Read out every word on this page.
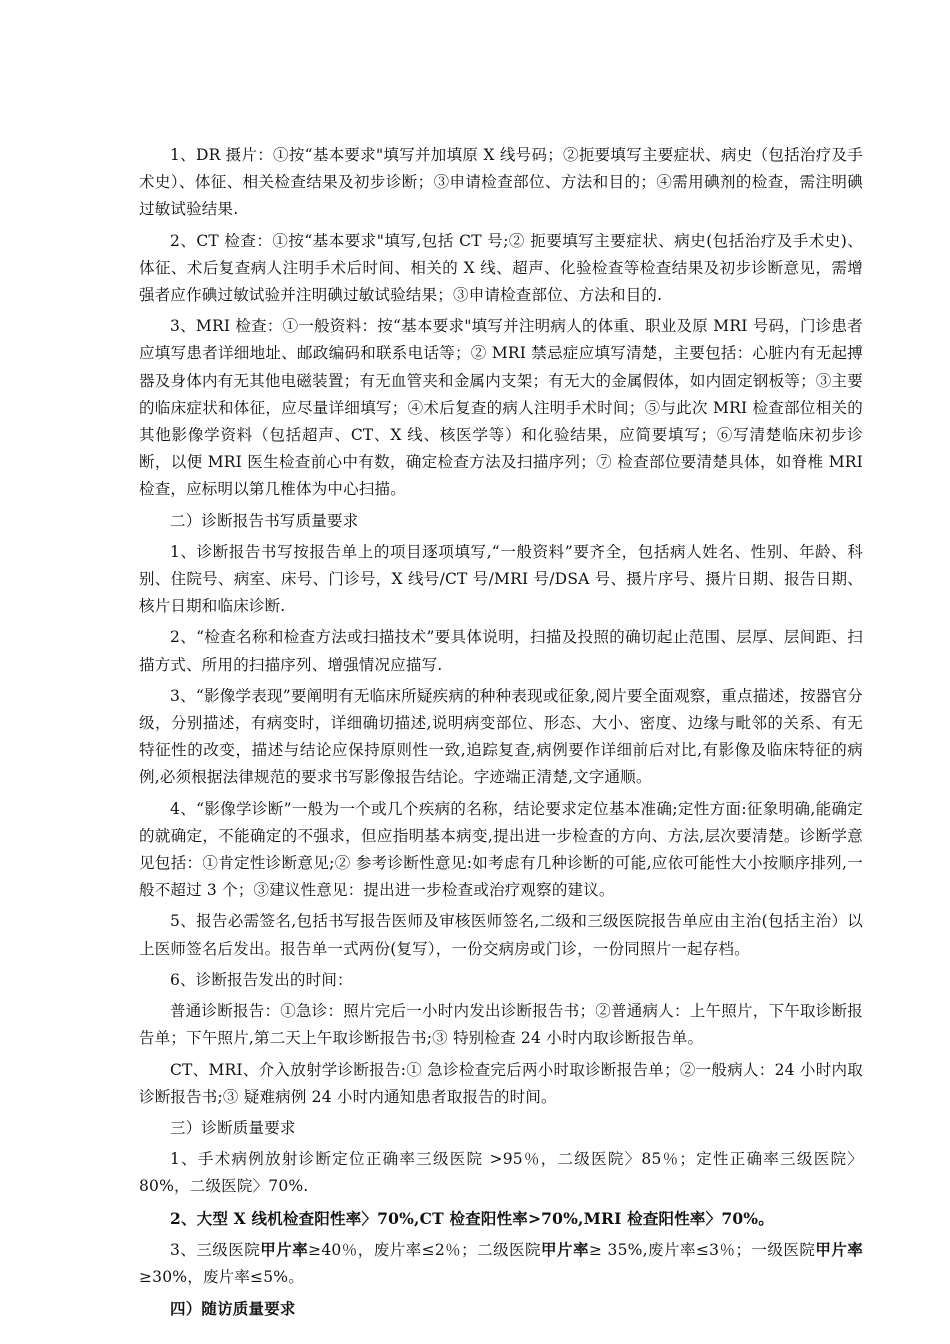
1、DR 摄片：①按“基本要求"填写并加填原 X 线号码；②扼要填写主要症状、病史（包括治疗及手术史）、体征、相关检查结果及初步诊断；③申请检查部位、方法和目的；④需用碘剂的检查，需注明碘过敏试验结果.

2、CT 检查：①按“基本要求"填写,包括 CT 号;② 扼要填写主要症状、病史(包括治疗及手术史)、体征、术后复查病人注明手术后时间、相关的 X 线、超声、化验检查等检查结果及初步诊断意见，需增强者应作碘过敏试验并注明碘过敏试验结果；③申请检查部位、方法和目的.

3、MRI 检查：①一般资料：按“基本要求"填写并注明病人的体重、职业及原 MRI 号码，门诊患者应填写患者详细地址、邮政编码和联系电话等；② MRI 禁忌症应填写清楚，主要包括：心脏内有无起搏器及身体内有无其他电磁装置；有无血管夹和金属内支架；有无大的金属假体，如内固定钢板等；③主要的临床症状和体征，应尽量详细填写；④术后复查的病人注明手术时间；⑤与此次 MRI 检查部位相关的其他影像学资料（包括超声、CT、X 线、核医学等）和化验结果，应简要填写；⑥写清楚临床初步诊断，以便 MRI 医生检查前心中有数，确定检查方法及扫描序列；⑦ 检查部位要清楚具体，如脊椎 MRI 检查，应标明以第几椎体为中心扫描。

二）诊断报告书写质量要求

1、诊断报告书写按报告单上的项目逐项填写,“一般资料”要齐全，包括病人姓名、性别、年龄、科别、住院号、病室、床号、门诊号，X 线号/CT 号/MRI 号/DSA 号、摄片序号、摄片日期、报告日期、核片日期和临床诊断.

2、“检查名称和检查方法或扫描技术”要具体说明，扫描及投照的确切起止范围、层厚、层间距、扫描方式、所用的扫描序列、增强情况应描写.

3、“影像学表现”要阐明有无临床所疑疾病的种种表现或征象,阅片要全面观察，重点描述，按器官分级，分别描述，有病变时，详细确切描述,说明病变部位、形态、大小、密度、边缘与毗邻的关系、有无特征性的改变，描述与结论应保持原则性一致,追踪复查,病例要作详细前后对比,有影像及临床特征的病例,必须根据法律规范的要求书写影像报告结论。字迹端正清楚,文字通顺。

4、“影像学诊断”一般为一个或几个疾病的名称，结论要求定位基本准确;定性方面:征象明确,能确定的就确定，不能确定的不强求，但应指明基本病变,提出进一步检查的方向、方法,层次要清楚。诊断学意见包括：①肯定性诊断意见;② 参考诊断性意见:如考虑有几种诊断的可能,应依可能性大小按顺序排列,一般不超过 3 个；③建议性意见：提出进一步检查或治疗观察的建议。

5、报告必需签名,包括书写报告医师及审核医师签名,二级和三级医院报告单应由主治(包括主治）以上医师签名后发出。报告单一式两份(复写），一份交病房或门诊，一份同照片一起存档。

6、诊断报告发出的时间：

普通诊断报告：①急诊：照片完后一小时内发出诊断报告书；②普通病人：上午照片，下午取诊断报告单；下午照片,第二天上午取诊断报告书;③ 特别检查 24 小时内取诊断报告单。

CT、MRI、介入放射学诊断报告:① 急诊检查完后两小时取诊断报告单；②一般病人：24 小时内取诊断报告书;③ 疑难病例 24 小时内通知患者取报告的时间。

三）诊断质量要求

1、手术病例放射诊断定位正确率三级医院 >95％，二级医院〉85％；定性正确率三级医院〉80%，二级医院〉70%.

2、大型 X 线机检查阳性率〉70%,CT 检查阳性率>70%,MRI 检查阳性率〉70%。

3、三级医院甲片率≥40％，废片率≤2％；二级医院甲片率≥ 35%,废片率≤3％；一级医院甲片率≥30%，废片率≤5%。

四）随访质量要求
